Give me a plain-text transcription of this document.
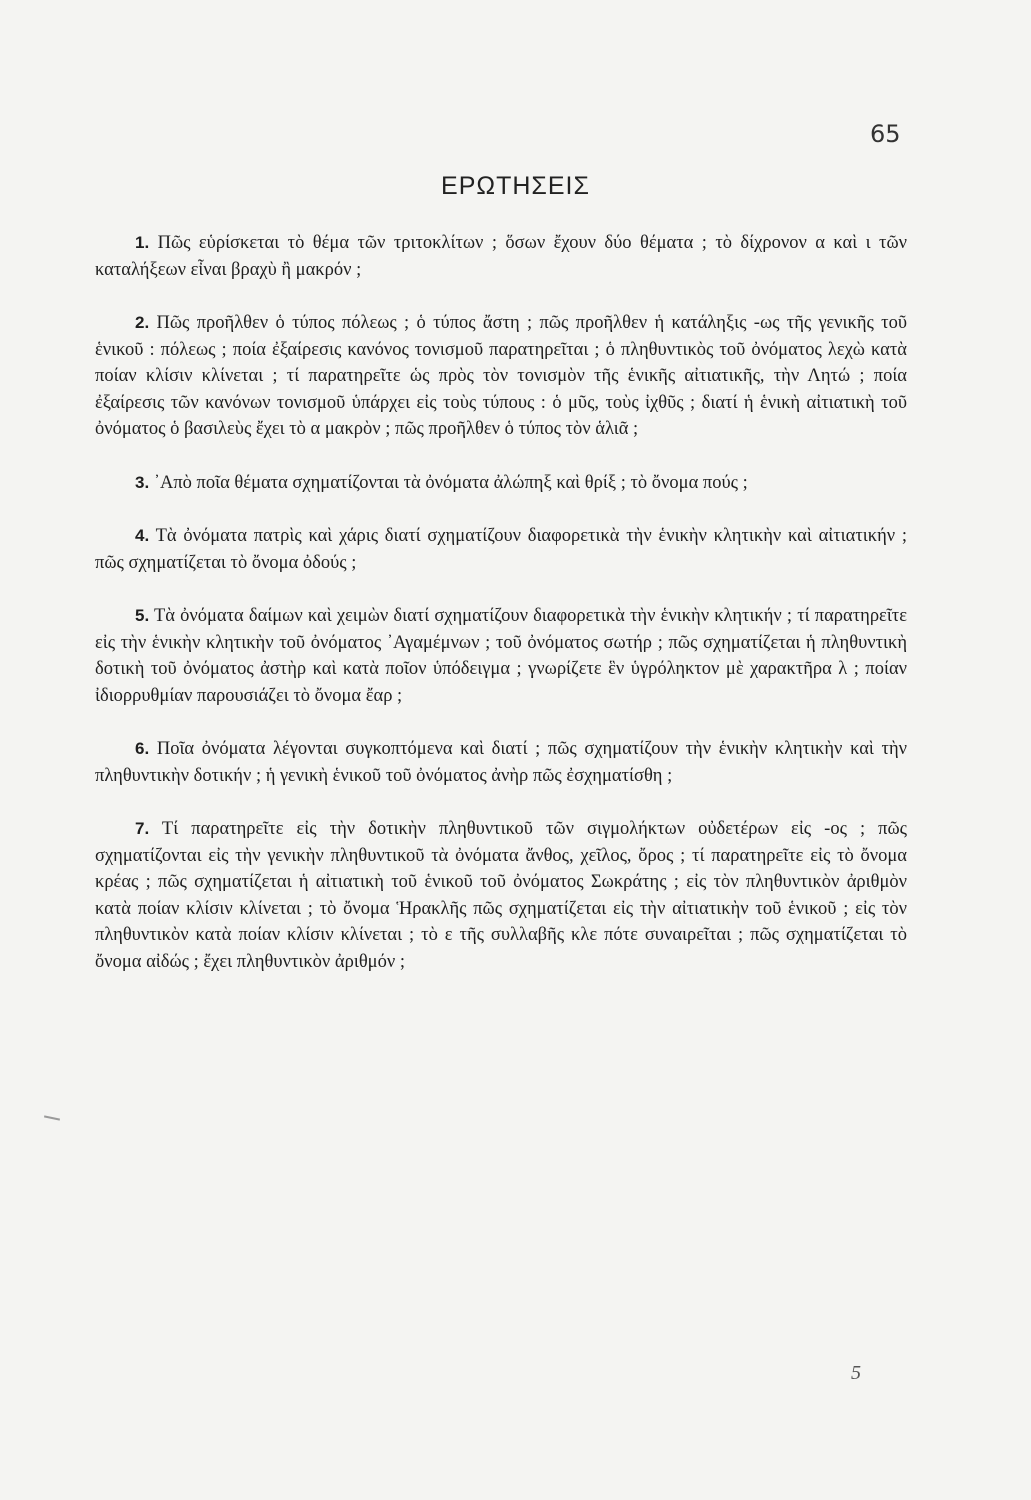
65
ΕΡΩΤΗΣΕΙΣ

1. Πῶς εὑρίσκεται τὸ θέμα τῶν τριτοκλίτων ; ὅσων ἔχουν δύο θέματα ; τὸ δίχρονον α καὶ ι τῶν καταλήξεων εἶναι βραχὺ ἢ μακρόν ;

2. Πῶς προῆλθεν ὁ τύπος πόλεως ; ὁ τύπος ἄστη ; πῶς προῆλθεν ἡ κατάληξις -ως τῆς γενικῆς τοῦ ἑνικοῦ : πόλεως ; ποία ἐξαίρεσις κανόνος τονισμοῦ παρατηρεῖται ; ὁ πληθυντικὸς τοῦ ὀνόματος λεχὼ κατὰ ποίαν κλίσιν κλίνεται ; τί παρατηρεῖτε ὡς πρὸς τὸν τονισμὸν τῆς ἑνικῆς αἰτιατικῆς, τὴν Λητώ ; ποία ἐξαίρεσις τῶν κανόνων τονισμοῦ ὑπάρχει εἰς τοὺς τύπους : ὁ μῦς, τοὺς ἰχθῦς ; διατί ἡ ἑνικὴ αἰτιατικὴ τοῦ ὀνόματος ὁ βασιλεὺς ἔχει τὸ α μακρὸν ; πῶς προῆλθεν ὁ τύπος τὸν ἁλιᾶ ;

3. ᾿Απὸ ποῖα θέματα σχηματίζονται τὰ ὀνόματα ἀλώπηξ καὶ θρίξ ; τὸ ὄνομα πούς ;

4. Τὰ ὀνόματα πατρὶς καὶ χάρις διατί σχηματίζουν διαφορετικὰ τὴν ἑνικὴν κλητικὴν καὶ αἰτιατικήν ; πῶς σχηματίζεται τὸ ὄνομα ὀδούς ;

5. Τὰ ὀνόματα δαίμων καὶ χειμὼν διατί σχηματίζουν διαφορετικὰ τὴν ἑνικὴν κλητικήν ; τί παρατηρεῖτε εἰς τὴν ἑνικὴν κλητικὴν τοῦ ὀνόματος ᾿Αγαμέμνων ; τοῦ ὀνόματος σωτήρ ; πῶς σχηματίζεται ἡ πληθυντικὴ δοτικὴ τοῦ ὀνόματος ἀστὴρ καὶ κατὰ ποῖον ὑπόδειγμα ; γνωρίζετε ἓν ὑγρόληκτον μὲ χαρακτῆρα λ ; ποίαν ἰδιορρυθμίαν παρουσιάζει τὸ ὄνομα ἔαρ ;

6. Ποῖα ὀνόματα λέγονται συγκοπτόμενα καὶ διατί ; πῶς σχηματίζουν τὴν ἑνικὴν κλητικὴν καὶ τὴν πληθυντικὴν δοτικήν ; ἡ γενικὴ ἑνικοῦ τοῦ ὀνόματος ἀνὴρ πῶς ἐσχηματίσθη ;

7. Τί παρατηρεῖτε εἰς τὴν δοτικὴν πληθυντικοῦ τῶν σιγμολήκτων οὐδετέρων εἰς -ος ; πῶς σχηματίζονται εἰς τὴν γενικὴν πληθυντικοῦ τὰ ὀνόματα ἄνθος, χεῖλος, ὄρος ; τί παρατηρεῖτε εἰς τὸ ὄνομα κρέας ; πῶς σχηματίζεται ἡ αἰτιατικὴ τοῦ ἑνικοῦ τοῦ ὀνόματος Σωκράτης ; εἰς τὸν πληθυντικὸν ἀριθμὸν κατὰ ποίαν κλίσιν κλίνεται ; τὸ ὄνομα Ἡρακλῆς πῶς σχηματίζεται εἰς τὴν αἰτιατικὴν τοῦ ἑνικοῦ ; εἰς τὸν πληθυντικὸν κατὰ ποίαν κλίσιν κλίνεται ; τὸ ε τῆς συλλαβῆς κλε πότε συναιρεῖται ; πῶς σχηματίζεται τὸ ὄνομα αἰδώς ; ἔχει πληθυντικὸν ἀριθμόν ;

5
